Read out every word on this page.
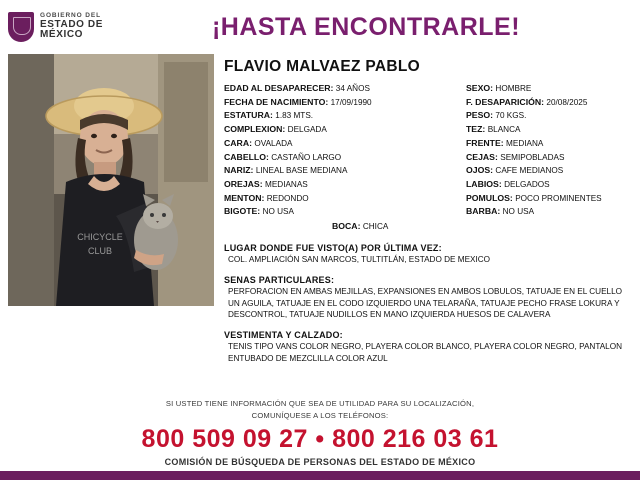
GOBIERNO DEL
ESTADO DE MÉXICO	¡HASTA ENCONTRARLE!
CHICYCLE
CLUB
FLAVIO MALVAEZ PABLO
EDAD AL DESAPARECER: 34 AÑOS
FECHA DE NACIMIENTO: 17/09/1990
ESTATURA: 1.83 MTS.
COMPLEXION: DELGADA
CARA: OVALADA
CABELLO: CASTAÑO LARGO
NARIZ: LINEAL BASE MEDIANA
OREJAS: MEDIANAS
MENTON: REDONDO
BIGOTE: NO USA
SEXO: HOMBRE
F. DESAPARICIÓN: 20/08/2025
PESO: 70 KGS.
TEZ: BLANCA
FRENTE: MEDIANA
CEJAS: SEMIPOBLADAS
OJOS: CAFE MEDIANOS
LABIOS: DELGADOS
POMULOS: POCO PROMINENTES
BARBA: NO USA
BOCA: CHICA
LUGAR DONDE FUE VISTO(A) POR ÚLTIMA VEZ:
COL. AMPLIACIÓN SAN MARCOS, TULTITLÁN, ESTADO DE MEXICO
SENAS PARTICULARES:
PERFORACION EN AMBAS MEJILLAS, EXPANSIONES EN AMBOS LOBULOS, TATUAJE EN EL CUELLO UN AGUILA, TATUAJE EN EL CODO IZQUIERDO UNA TELARAÑA, TATUAJE PECHO FRASE LOKURA Y DESCONTROL, TATUAJE NUDILLOS EN MANO IZQUIERDA HUESOS DE CALAVERA
VESTIMENTA Y CALZADO:
TENIS TIPO VANS COLOR NEGRO, PLAYERA COLOR BLANCO, PLAYERA COLOR NEGRO, PANTALON ENTUBADO DE MEZCLILLA COLOR AZUL
SI USTED TIENE INFORMACIÓN QUE SEA DE UTILIDAD PARA SU LOCALIZACIÓN,
COMUNÍQUESE A LOS TELÉFONOS:
800 509 09 27 • 800 216 03 61
COMISIÓN DE BÚSQUEDA DE PERSONAS DEL ESTADO DE MÉXICO
